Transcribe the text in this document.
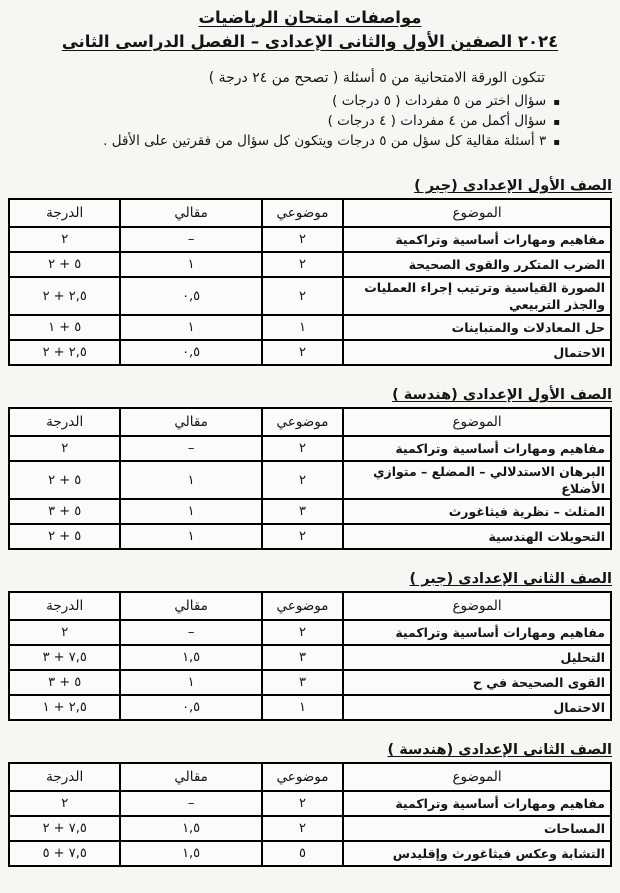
مواصفات امتحان الرياضيات
٢٠٢٤ الصفين الأول والثانى الإعدادى – الفصل الدراسى الثانى
تتكون الورقة الامتحانية من ٥ أسئلة ( تصحح من ٢٤ درجة )
▪
سؤال اختر من ٥ مفردات ( ٥ درجات )
▪
سؤال أكمل من ٤ مفردات ( ٤ درجات )
▪
٣ أسئلة مقالية كل سؤل من ٥ درجات ويتكون كل سؤال من فقرتين على الأقل .
الصف الأول الإعدادى (جبر )
الموضوع	موضوعي	مقالي	الدرجة
مفاهيم ومهارات أساسية وتراكمية	٢	–	٢
الضرب المتكرر والقوى الصحيحة	٢	١	٥ + ٢
الصورة القياسية وترتيب إجراء العمليات والجذر التربيعي	٢	٠,٥	٢,٥ + ٢
حل المعادلات والمتباينات	١	١	٥ + ١
الاحتمال	٢	٠,٥	٢,٥ + ٢
الصف الأول الإعدادى (هندسة )
الموضوع	موضوعي	مقالي	الدرجة
مفاهيم ومهارات أساسية وتراكمية	٢	–	٢
البرهان الاستدلالي – المضلع – متوازي الأضلاع	٢	١	٥ + ٢
المثلث – نظرية فيثاغورث	٣	١	٥ + ٣
التحويلات الهندسية	٢	١	٥ + ٢
الصف الثانى الإعدادى (جبر )
الموضوع	موضوعي	مقالي	الدرجة
مفاهيم ومهارات أساسية وتراكمية	٢	–	٢
التحليل	٣	١,٥	٧,٥ + ٣
القوى الصحيحة في ح	٣	١	٥ + ٣
الاحتمال	١	٠,٥	٢,٥ + ١
الصف الثانى الإعدادى (هندسة )
الموضوع	موضوعي	مقالي	الدرجة
مفاهيم ومهارات أساسية وتراكمية	٢	–	٢
المساحات	٢	١,٥	٧,٥ + ٢
التشابة وعكس فيثاغورث وإقليدس	٥	١,٥	٧,٥ + ٥
